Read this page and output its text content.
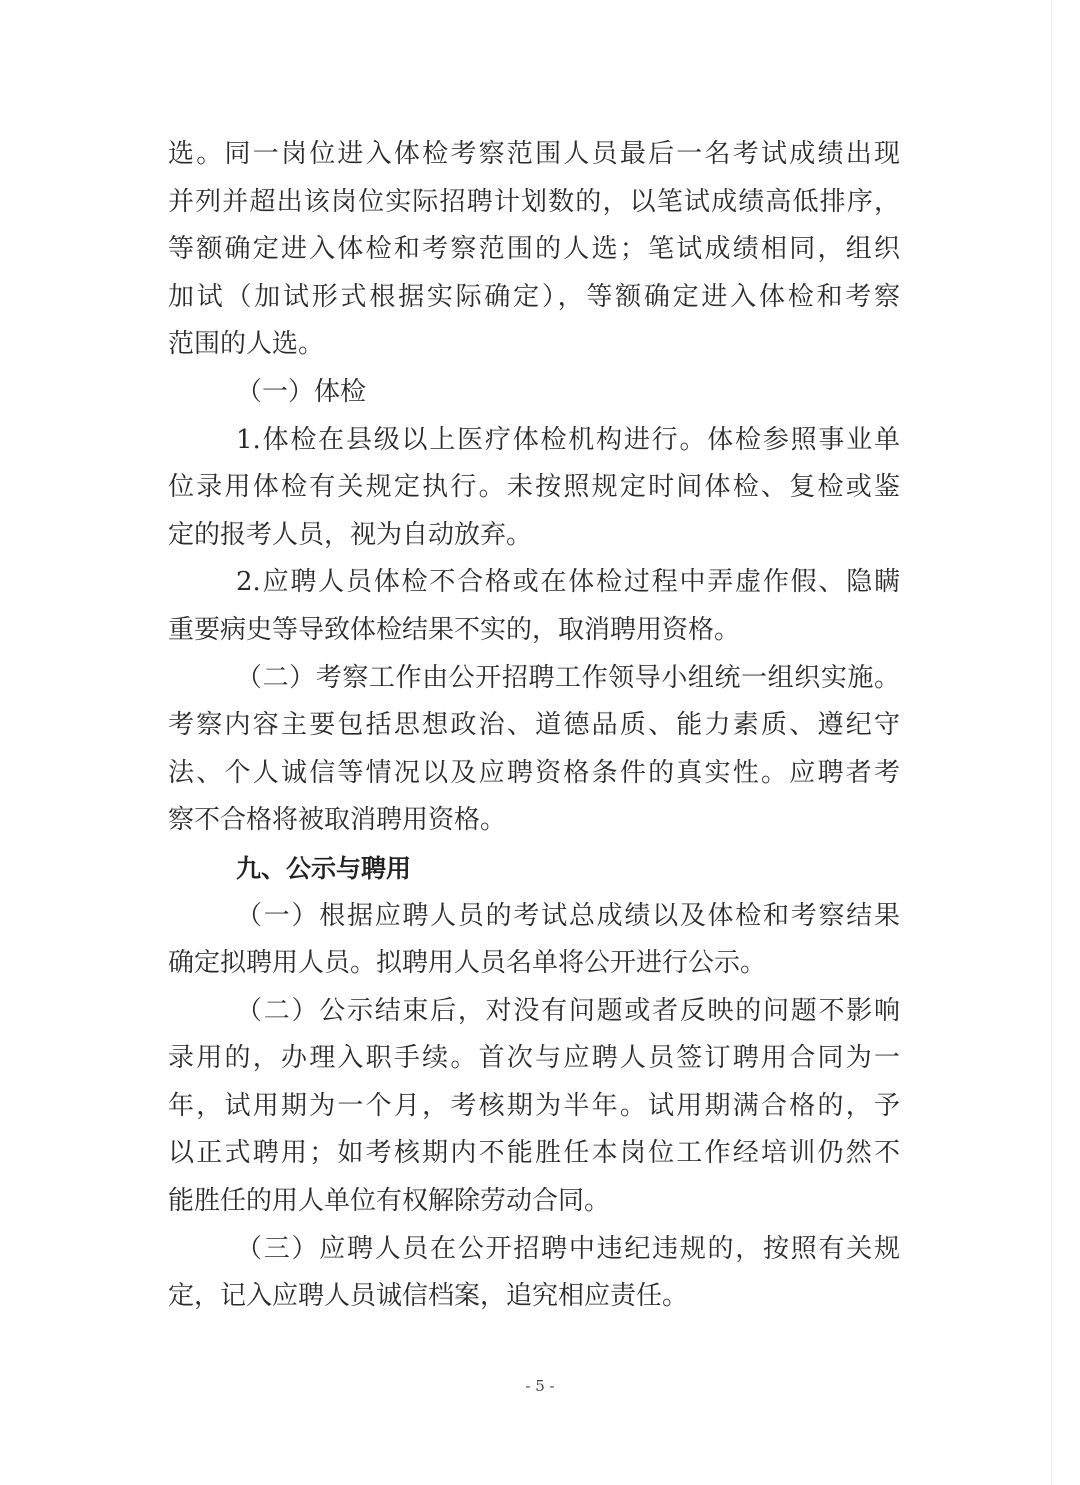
选。同一岗位进入体检考察范围人员最后一名考试成绩出现
并列并超出该岗位实际招聘计划数的，以笔试成绩高低排序，
等额确定进入体检和考察范围的人选；笔试成绩相同，组织
加试（加试形式根据实际确定），等额确定进入体检和考察
范围的人选。
（一）体检
1.体检在县级以上医疗体检机构进行。体检参照事业单
位录用体检有关规定执行。未按照规定时间体检、复检或鉴
定的报考人员，视为自动放弃。
2.应聘人员体检不合格或在体检过程中弄虚作假、隐瞒
重要病史等导致体检结果不实的，取消聘用资格。
（二）考察工作由公开招聘工作领导小组统一组织实施。
考察内容主要包括思想政治、道德品质、能力素质、遵纪守
法、个人诚信等情况以及应聘资格条件的真实性。应聘者考
察不合格将被取消聘用资格。
九、公示与聘用
（一）根据应聘人员的考试总成绩以及体检和考察结果
确定拟聘用人员。拟聘用人员名单将公开进行公示。
（二）公示结束后，对没有问题或者反映的问题不影响
录用的，办理入职手续。首次与应聘人员签订聘用合同为一
年，试用期为一个月，考核期为半年。试用期满合格的，予
以正式聘用；如考核期内不能胜任本岗位工作经培训仍然不
能胜任的用人单位有权解除劳动合同。
（三）应聘人员在公开招聘中违纪违规的，按照有关规
定，记入应聘人员诚信档案，追究相应责任。
- 5 -
